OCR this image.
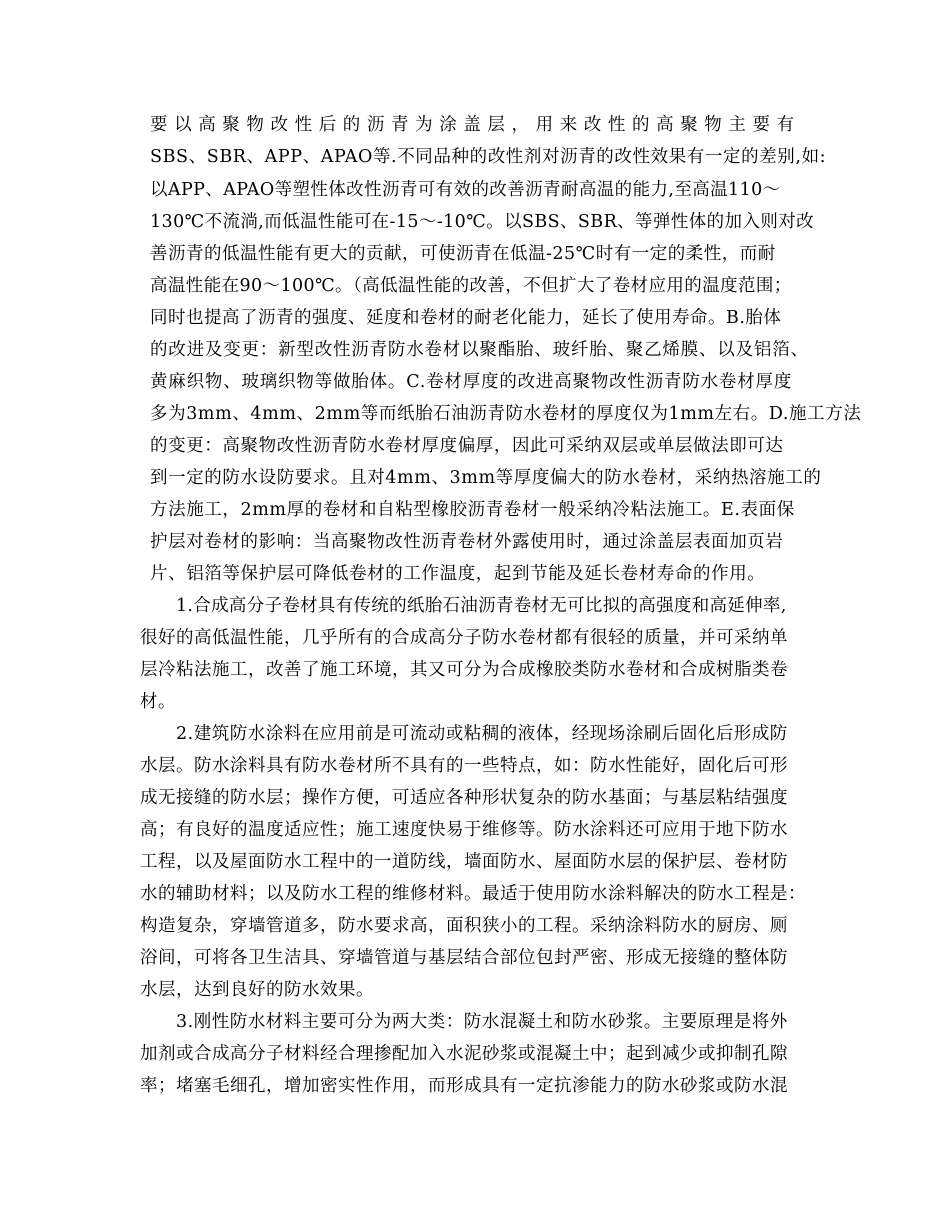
要以高聚物改性后的沥青为涂盖层，用来改性的高聚物主要有
SBS、SBR、APP、APAO等.不同品种的改性剂对沥青的改性效果有一定的差别,如:
以APP、APAO等塑性体改性沥青可有效的改善沥青耐高温的能力,至高温110～
130℃不流淌,而低温性能可在-15～-10℃。以SBS、SBR、等弹性体的加入则对改
善沥青的低温性能有更大的贡献，可使沥青在低温-25℃时有一定的柔性，而耐
高温性能在90～100℃。（高低温性能的改善，不但扩大了卷材应用的温度范围；
同时也提高了沥青的强度、延度和卷材的耐老化能力，延长了使用寿命。B.胎体
的改进及变更：新型改性沥青防水卷材以聚酯胎、玻纤胎、聚乙烯膜、以及铝箔、
黄麻织物、玻璃织物等做胎体。C.卷材厚度的改进高聚物改性沥青防水卷材厚度
多为3mm、4mm、2mm等而纸胎石油沥青防水卷材的厚度仅为1mm左右。D.施工方法
的变更：高聚物改性沥青防水卷材厚度偏厚，因此可采纳双层或单层做法即可达
到一定的防水设防要求。且对4mm、3mm等厚度偏大的防水卷材，采纳热溶施工的
方法施工，2mm厚的卷材和自粘型橡胶沥青卷材一般采纳冷粘法施工。E.表面保
护层对卷材的影响：当高聚物改性沥青卷材外露使用时，通过涂盖层表面加页岩
片、铝箔等保护层可降低卷材的工作温度，起到节能及延长卷材寿命的作用。
1.合成高分子卷材具有传统的纸胎石油沥青卷材无可比拟的高强度和高延伸率,
很好的高低温性能，几乎所有的合成高分子防水卷材都有很轻的质量，并可采纳单
层冷粘法施工，改善了施工环境，其又可分为合成橡胶类防水卷材和合成树脂类卷
材。
2.建筑防水涂料在应用前是可流动或粘稠的液体，经现场涂刷后固化后形成防
水层。防水涂料具有防水卷材所不具有的一些特点，如：防水性能好，固化后可形
成无接缝的防水层；操作方便，可适应各种形状复杂的防水基面；与基层粘结强度
高；有良好的温度适应性；施工速度快易于维修等。防水涂料还可应用于地下防水
工程，以及屋面防水工程中的一道防线，墙面防水、屋面防水层的保护层、卷材防
水的辅助材料；以及防水工程的维修材料。最适于使用防水涂料解决的防水工程是：
构造复杂，穿墙管道多，防水要求高，面积狭小的工程。采纳涂料防水的厨房、厕
浴间，可将各卫生洁具、穿墙管道与基层结合部位包封严密、形成无接缝的整体防
水层，达到良好的防水效果。
3.刚性防水材料主要可分为两大类：防水混凝土和防水砂浆。主要原理是将外
加剂或合成高分子材料经合理掺配加入水泥砂浆或混凝土中；起到减少或抑制孔隙
率；堵塞毛细孔，增加密实性作用，而形成具有一定抗渗能力的防水砂浆或防水混
